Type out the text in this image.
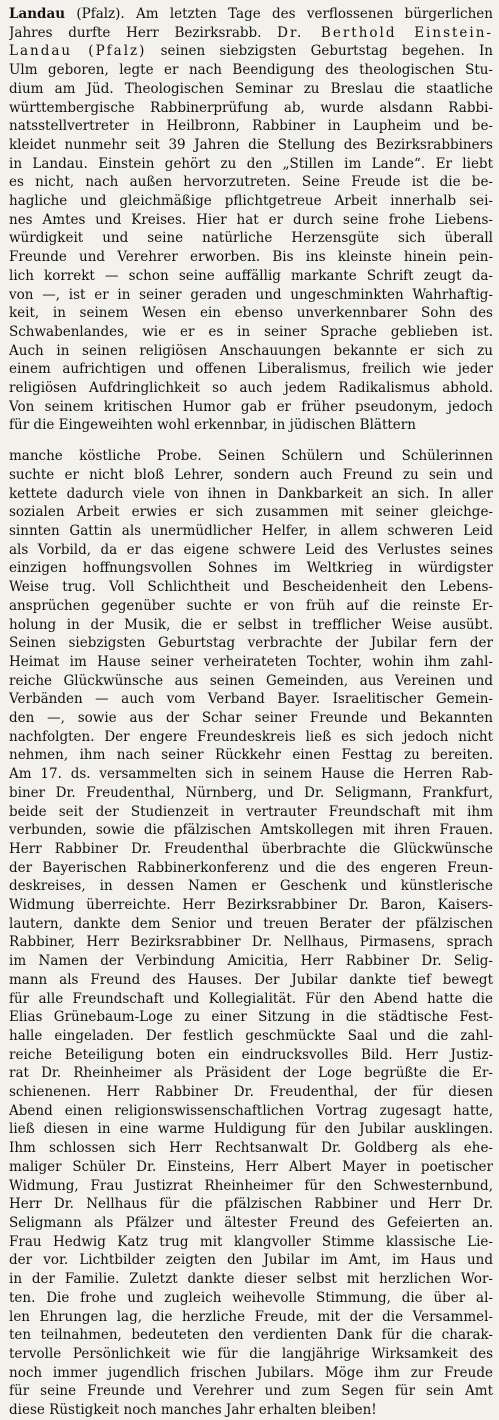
Landau (Pfalz). Am letzten Tage des verflossenen bürgerlichen
Jahres durfte Herr Bezirksrabb. Dr. Berthold Einstein-
Landau (Pfalz) seinen siebzigsten Geburtstag begehen. In
Ulm geboren, legte er nach Beendigung des theologischen Stu-
dium am Jüd. Theologischen Seminar zu Breslau die staatliche
württembergische Rabbinerprüfung ab, wurde alsdann Rabbi-
natsstellvertreter in Heilbronn, Rabbiner in Laupheim und be-
kleidet nunmehr seit 39 Jahren die Stellung des Bezirksrabbiners
in Landau. Einstein gehört zu den „Stillen im Lande“. Er liebt
es nicht, nach außen hervorzutreten. Seine Freude ist die be-
hagliche und gleichmäßige pflichtgetreue Arbeit innerhalb sei-
nes Amtes und Kreises. Hier hat er durch seine frohe Liebens-
würdigkeit und seine natürliche Herzensgüte sich überall
Freunde und Verehrer erworben. Bis ins kleinste hinein pein-
lich korrekt — schon seine auffällig markante Schrift zeugt da-
von —, ist er in seiner geraden und ungeschminkten Wahrhaftig-
keit, in seinem Wesen ein ebenso unverkennbarer Sohn des
Schwabenlandes, wie er es in seiner Sprache geblieben ist.
Auch in seinen religiösen Anschauungen bekannte er sich zu
einem aufrichtigen und offenen Liberalismus, freilich wie jeder
religiösen Aufdringlichkeit so auch jedem Radikalismus abhold.
Von seinem kritischen Humor gab er früher pseudonym, jedoch
für die Eingeweihten wohl erkennbar, in jüdischen Blättern
manche köstliche Probe. Seinen Schülern und Schülerinnen
suchte er nicht bloß Lehrer, sondern auch Freund zu sein und
kettete dadurch viele von ihnen in Dankbarkeit an sich. In aller
sozialen Arbeit erwies er sich zusammen mit seiner gleichge-
sinnten Gattin als unermüdlicher Helfer, in allem schweren Leid
als Vorbild, da er das eigene schwere Leid des Verlustes seines
einzigen hoffnungsvollen Sohnes im Weltkrieg in würdigster
Weise trug. Voll Schlichtheit und Bescheidenheit den Lebens-
ansprüchen gegenüber suchte er von früh auf die reinste Er-
holung in der Musik, die er selbst in trefflicher Weise ausübt.
Seinen siebzigsten Geburtstag verbrachte der Jubilar fern der
Heimat im Hause seiner verheirateten Tochter, wohin ihm zahl-
reiche Glückwünsche aus seinen Gemeinden, aus Vereinen und
Verbänden — auch vom Verband Bayer. Israelitischer Gemein-
den —, sowie aus der Schar seiner Freunde und Bekannten
nachfolgten. Der engere Freundeskreis ließ es sich jedoch nicht
nehmen, ihm nach seiner Rückkehr einen Festtag zu bereiten.
Am 17. ds. versammelten sich in seinem Hause die Herren Rab-
biner Dr. Freudenthal, Nürnberg, und Dr. Seligmann, Frankfurt,
beide seit der Studienzeit in vertrauter Freundschaft mit ihm
verbunden, sowie die pfälzischen Amtskollegen mit ihren Frauen.
Herr Rabbiner Dr. Freudenthal überbrachte die Glückwünsche
der Bayerischen Rabbinerkonferenz und die des engeren Freun-
deskreises, in dessen Namen er Geschenk und künstlerische
Widmung überreichte. Herr Bezirksrabbiner Dr. Baron, Kaisers-
lautern, dankte dem Senior und treuen Berater der pfälzischen
Rabbiner, Herr Bezirksrabbiner Dr. Nellhaus, Pirmasens, sprach
im Namen der Verbindung Amicitia, Herr Rabbiner Dr. Selig-
mann als Freund des Hauses. Der Jubilar dankte tief bewegt
für alle Freundschaft und Kollegialität. Für den Abend hatte die
Elias Grünebaum-Loge zu einer Sitzung in die städtische Fest-
halle eingeladen. Der festlich geschmückte Saal und die zahl-
reiche Beteiligung boten ein eindrucksvolles Bild. Herr Justiz-
rat Dr. Rheinheimer als Präsident der Loge begrüßte die Er-
schienenen. Herr Rabbiner Dr. Freudenthal, der für diesen
Abend einen religionswissenschaftlichen Vortrag zugesagt hatte,
ließ diesen in eine warme Huldigung für den Jubilar ausklingen.
Ihm schlossen sich Herr Rechtsanwalt Dr. Goldberg als ehe-
maliger Schüler Dr. Einsteins, Herr Albert Mayer in poetischer
Widmung, Frau Justizrat Rheinheimer für den Schwesternbund,
Herr Dr. Nellhaus für die pfälzischen Rabbiner und Herr Dr.
Seligmann als Pfälzer und ältester Freund des Gefeierten an.
Frau Hedwig Katz trug mit klangvoller Stimme klassische Lie-
der vor. Lichtbilder zeigten den Jubilar im Amt, im Haus und
in der Familie. Zuletzt dankte dieser selbst mit herzlichen Wor-
ten. Die frohe und zugleich weihevolle Stimmung, die über al-
len Ehrungen lag, die herzliche Freude, mit der die Versammel-
ten teilnahmen, bedeuteten den verdienten Dank für die charak-
tervolle Persönlichkeit wie für die langjährige Wirksamkeit des
noch immer jugendlich frischen Jubilars. Möge ihm zur Freude
für seine Freunde und Verehrer und zum Segen für sein Amt
diese Rüstigkeit noch manches Jahr erhalten bleiben!
